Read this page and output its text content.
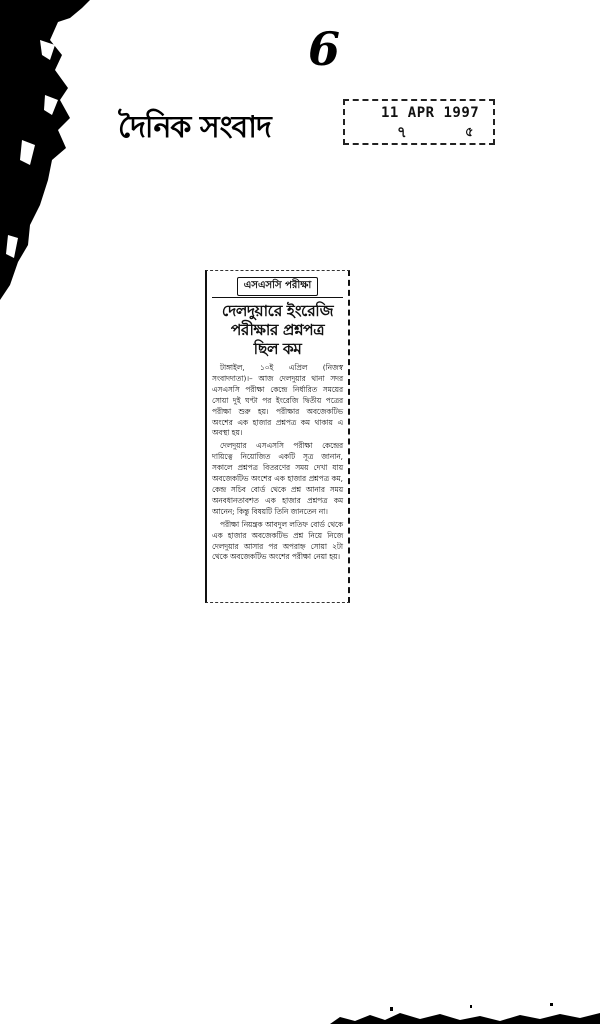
6
দৈনিক সংবাদ	11 APR 1997
৭	৫
এসএসসি পরীক্ষা
দেলদুয়ারে ইংরেজি
পরীক্ষার প্রশ্নপত্র
ছিল কম

টাঙ্গাইল, ১০ই এপ্রিল (নিজস্ব সংবাদদাতা)।– আজ দেলদুয়ার থানা সদর এসএসসি পরীক্ষা কেন্দ্রে নির্ধারিত সময়ের সোয়া দুই ঘণ্টা পর ইংরেজি দ্বিতীয় পত্রের পরীক্ষা শুরু হয়। পরীক্ষার অবজেকটিভ অংশের এক হাজার প্রশ্নপত্র কম থাকায় এ অবস্থা হয়।

দেলদুয়ার এসএসসি পরীক্ষা কেন্দ্রের দায়িত্বে নিয়োজিত একটি সূত্র জানান, সকালে প্রশ্নপত্র বিতরণের সময় দেখা যায় অবজেকটিভ অংশের এক হাজার প্রশ্নপত্র কম, কেন্দ্র সচিব বোর্ড থেকে প্রশ্ন আনার সময় অনবধানতাবশত এক হাজার প্রশ্নপত্র কম আনেন; কিন্তু বিষয়টি তিনি জানতেন না।

পরীক্ষা নিয়ন্ত্রক আবদুল লতিফ বোর্ড থেকে এক হাজার অবজেকটিভ প্রশ্ন নিয়ে নিজে দেলদুয়ার আসার পর অপরাহ্ন সোয়া ২টা থেকে অবজেকটিভ অংশের পরীক্ষা নেয়া হয়।
